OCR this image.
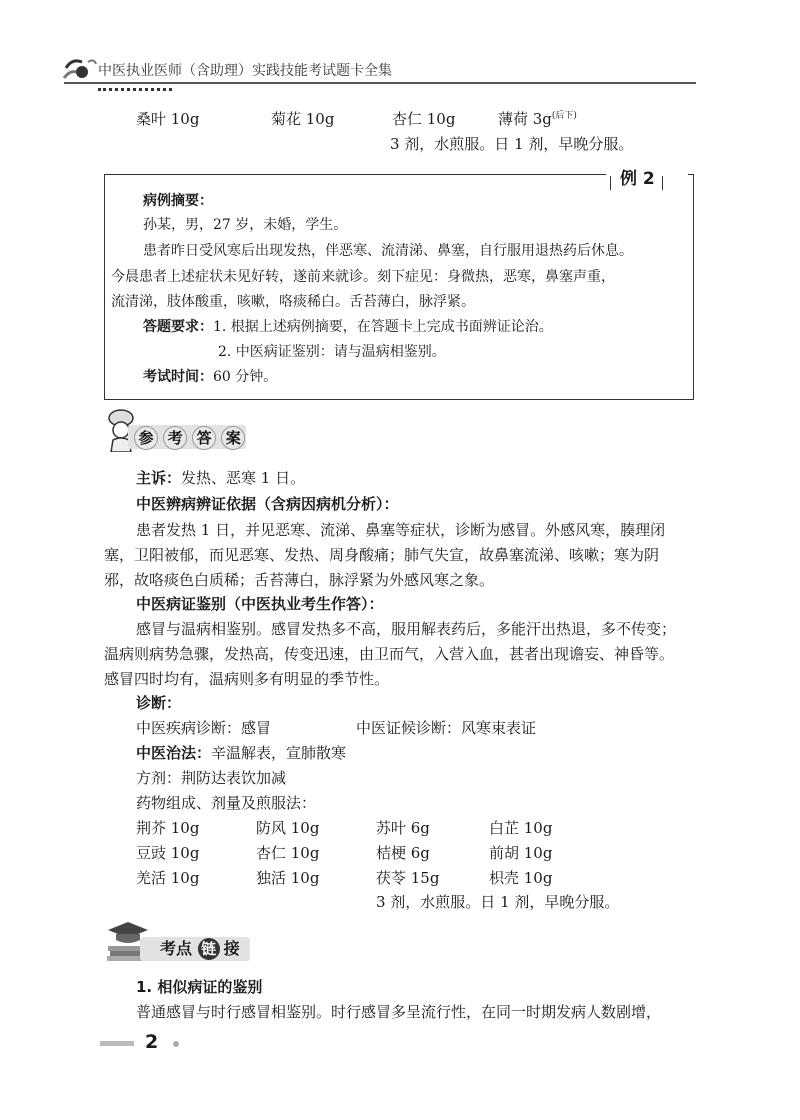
中医执业医师（含助理）实践技能考试题卡全集
桑叶 10g	菊花 10g	杏仁 10g	薄荷 $3g^{(后下)}$
3 剂，水煎服。日 1 剂，早晚分服。
例 2
病例摘要：
孙某，男，27 岁，未婚，学生。
患者昨日受风寒后出现发热，伴恶寒、流清涕、鼻塞，自行服用退热药后休息。
今晨患者上述症状未见好转，遂前来就诊。刻下症见：身微热，恶寒，鼻塞声重，
流清涕，肢体酸重，咳嗽，咯痰稀白。舌苔薄白，脉浮紧。
答题要求：1. 根据上述病例摘要，在答题卡上完成书面辨证论治。
2. 中医病证鉴别：请与温病相鉴别。
考试时间：60 分钟。
参 考 答 案
主诉：发热、恶寒 1 日。
中医辨病辨证依据（含病因病机分析）：
患者发热 1 日，并见恶寒、流涕、鼻塞等症状，诊断为感冒。外感风寒，腠理闭
塞，卫阳被郁，而见恶寒、发热、周身酸痛；肺气失宣，故鼻塞流涕、咳嗽；寒为阴
邪，故咯痰色白质稀；舌苔薄白，脉浮紧为外感风寒之象。
中医病证鉴别（中医执业考生作答）：
感冒与温病相鉴别。感冒发热多不高，服用解表药后，多能汗出热退，多不传变；
温病则病势急骤，发热高，传变迅速，由卫而气，入营入血，甚者出现谵妄、神昏等。
感冒四时均有，温病则多有明显的季节性。
诊断：
中医疾病诊断：感冒	中医证候诊断：风寒束表证
中医治法：辛温解表，宣肺散寒
方剂：荆防达表饮加减
药物组成、剂量及煎服法：
荆芥 10g	防风 10g	苏叶 6g	白芷 10g
豆豉 10g	杏仁 10g	桔梗 6g	前胡 10g
羌活 10g	独活 10g	茯苓 15g	枳壳 10g
3 剂，水煎服。日 1 剂，早晚分服。
考点 链 接
1. 相似病证的鉴别
普通感冒与时行感冒相鉴别。时行感冒多呈流行性，在同一时期发病人数剧增，
2
